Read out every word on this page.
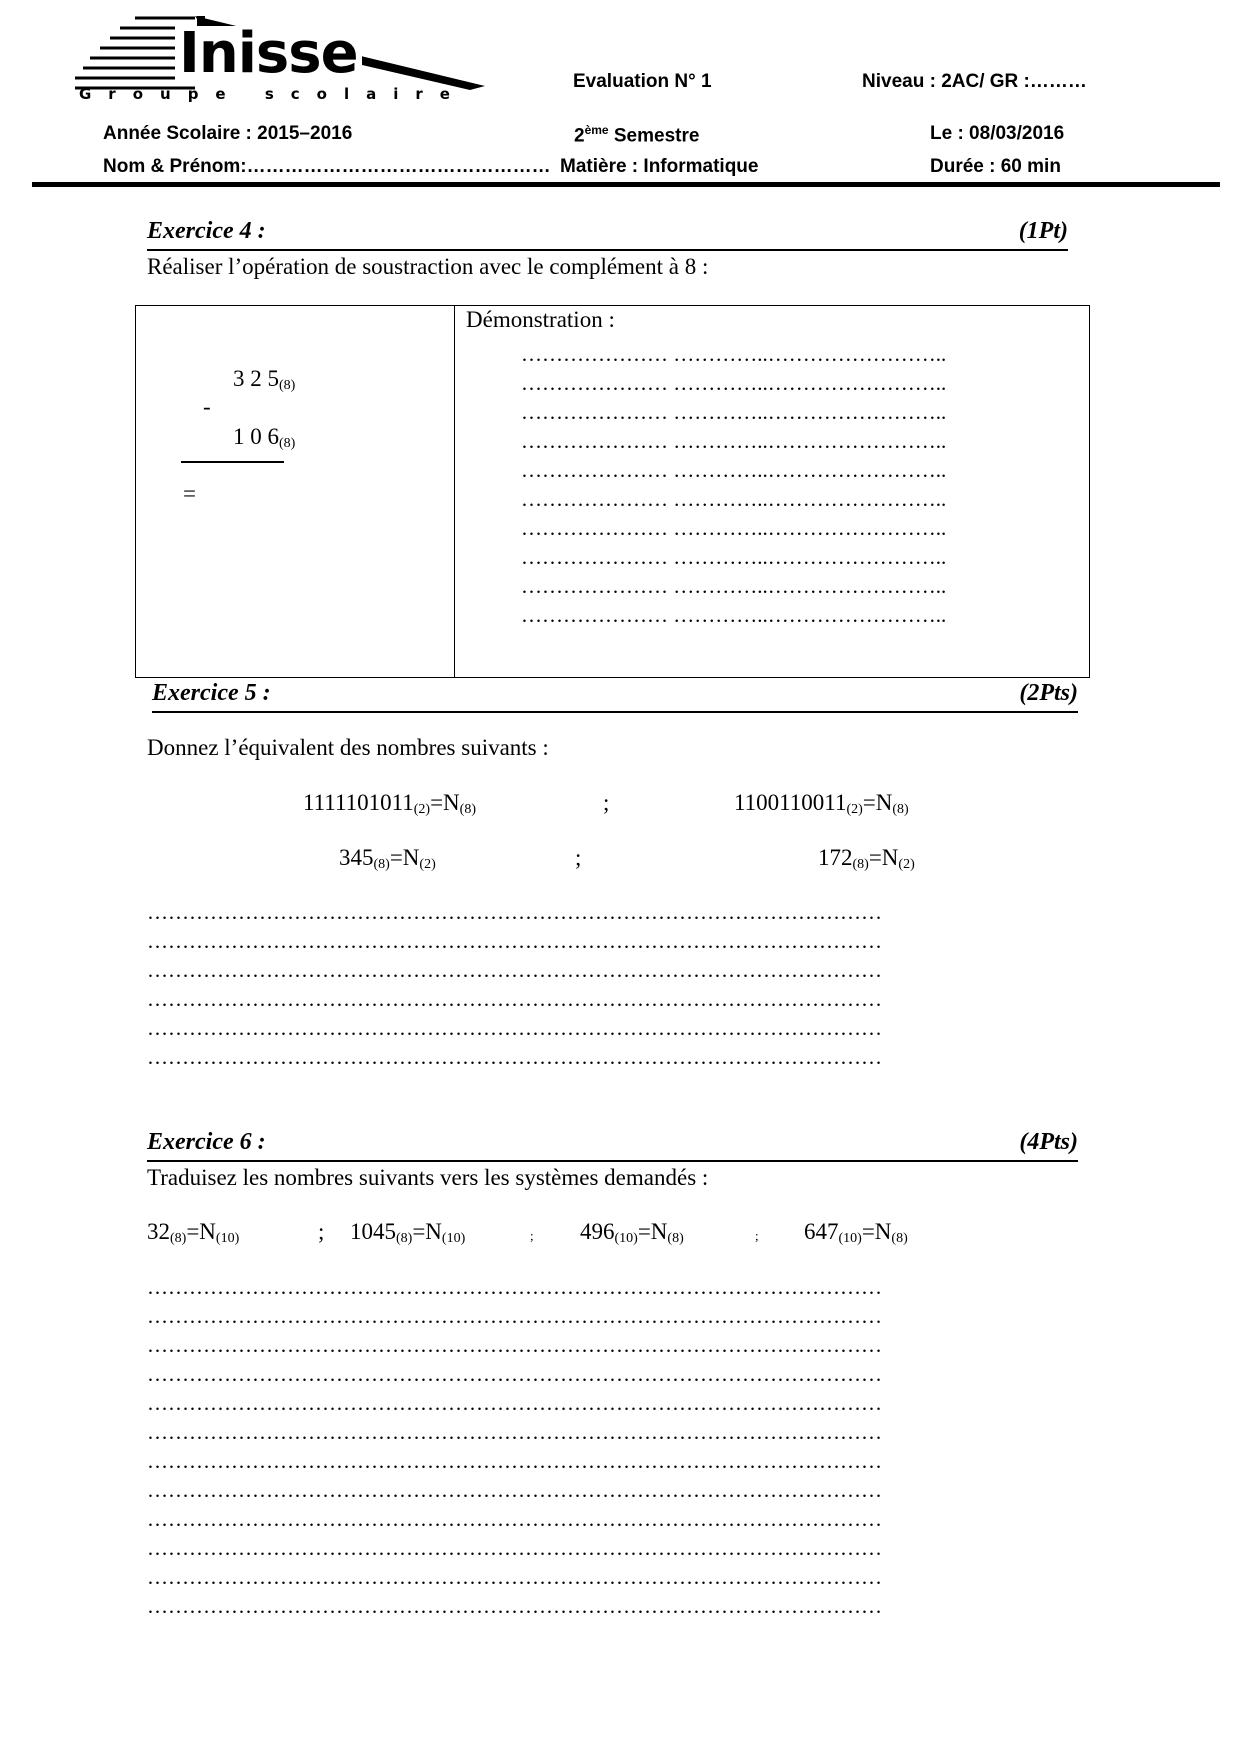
Inisse
Groupe scolaire
Evaluation N° 1	Niveau : 2AC/ GR :………
Année Scolaire : 2015–2016	2ème Semestre	Le : 08/03/2016
Nom & Prénom:………………………………………… Matière : Informatique	Durée : 60 min
Exercice 4 :	(1Pt)
Réaliser l’opération de soustraction avec le complément à 8 :
3 2 $5_{(8)}$
-
1 0 $6_{(8)}$
=

Démonstration :
………………… …………..……………………..
………………… …………..……………………..
………………… …………..……………………..
………………… …………..……………………..
………………… …………..……………………..
………………… …………..……………………..
………………… …………..……………………..
………………… …………..……………………..
………………… …………..……………………..
………………… …………..……………………..
Exercice 5 :	(2Pts)
Donnez l’équivalent des nombres suivants :
$1111101011_{(2)}=N_{(8)}$	;	$1100110011_{(2)}=N_{(8)}$
$345_{(8)}=N_{(2)}$	;	$172_{(8)}=N_{(2)}$
……………………………………………………………………………………………
……………………………………………………………………………………………
……………………………………………………………………………………………
……………………………………………………………………………………………
……………………………………………………………………………………………
……………………………………………………………………………………………
Exercice 6 :	(4Pts)
Traduisez les nombres suivants vers les systèmes demandés :
$32_{(8)}=N_{(10)}$	; $1045_{(8)}=N_{(10)}$	; $496_{(10)}=N_{(8)}$	; $647_{(10)}=N_{(8)}$
……………………………………………………………………………………………
……………………………………………………………………………………………
……………………………………………………………………………………………
……………………………………………………………………………………………
……………………………………………………………………………………………
……………………………………………………………………………………………
……………………………………………………………………………………………
……………………………………………………………………………………………
……………………………………………………………………………………………
……………………………………………………………………………………………
……………………………………………………………………………………………
……………………………………………………………………………………………
